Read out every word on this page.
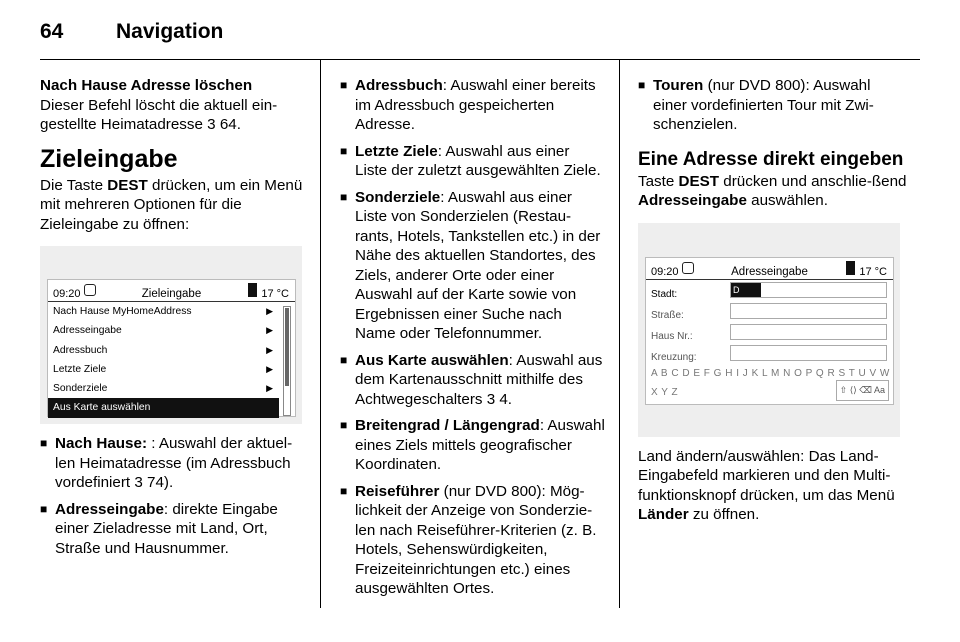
64	Navigation

Nach Hause Adresse löschen

Dieser Befehl löscht die aktuell ein-gestellte Heimatadresse 3 64.

Zieleingabe

Die Taste DEST drücken, um ein Menü mit mehreren Optionen für die Zieleingabe zu öffnen:

09:20	Zieleingabe	17 °C
Nach Hause MyHomeAddress	▶
Adresseingabe	▶
Adressbuch	▶
Letzte Ziele	▶
Sonderziele	▶
Aus Karte auswählen
■ Nach Hause: : Auswahl der aktuel-len Heimatadresse (im Adressbuch vordefiniert 3 74).
■ Adresseingabe: direkte Eingabe einer Zieladresse mit Land, Ort, Straße und Hausnummer.
■ Adressbuch: Auswahl einer bereits im Adressbuch gespeicherten Adresse.
■ Letzte Ziele: Auswahl aus einer Liste der zuletzt ausgewählten Ziele.
■ Sonderziele: Auswahl aus einer Liste von Sonderzielen (Restau-rants, Hotels, Tankstellen etc.) in der Nähe des aktuellen Standortes, des Ziels, anderer Orte oder einer Auswahl auf der Karte sowie von Ergebnissen einer Suche nach Name oder Telefonnummer.
■ Aus Karte auswählen: Auswahl aus dem Kartenausschnitt mithilfe des Achtwegeschalters 3 4.
■ Breitengrad / Längengrad: Auswahl eines Ziels mittels geografischer Koordinaten.
■ Reiseführer (nur DVD 800): Mög-lichkeit der Anzeige von Sonderzie-len nach Reiseführer-Kriterien (z. B. Hotels, Sehenswürdigkeiten, Freizeiteinrichtungen etc.) eines ausgewählten Ortes.
■ Touren (nur DVD 800): Auswahl einer vordefinierten Tour mit Zwi-schenzielen.
Eine Adresse direkt eingeben

Taste DEST drücken und anschlie-ßend Adresseingabe auswählen.

09:20	Adresseingabe	17 °C
Stadt:	D
Straße:
Haus Nr.:
Kreuzung:
A B C D E F G H I J K L M N O P Q R S T U V W X Y Z	⇧ ⟨⟩ ⌫ Aa

Land ändern/auswählen: Das Land-Eingabefeld markieren und den Multi-funktionsknopf drücken, um das Menü Länder zu öffnen.
